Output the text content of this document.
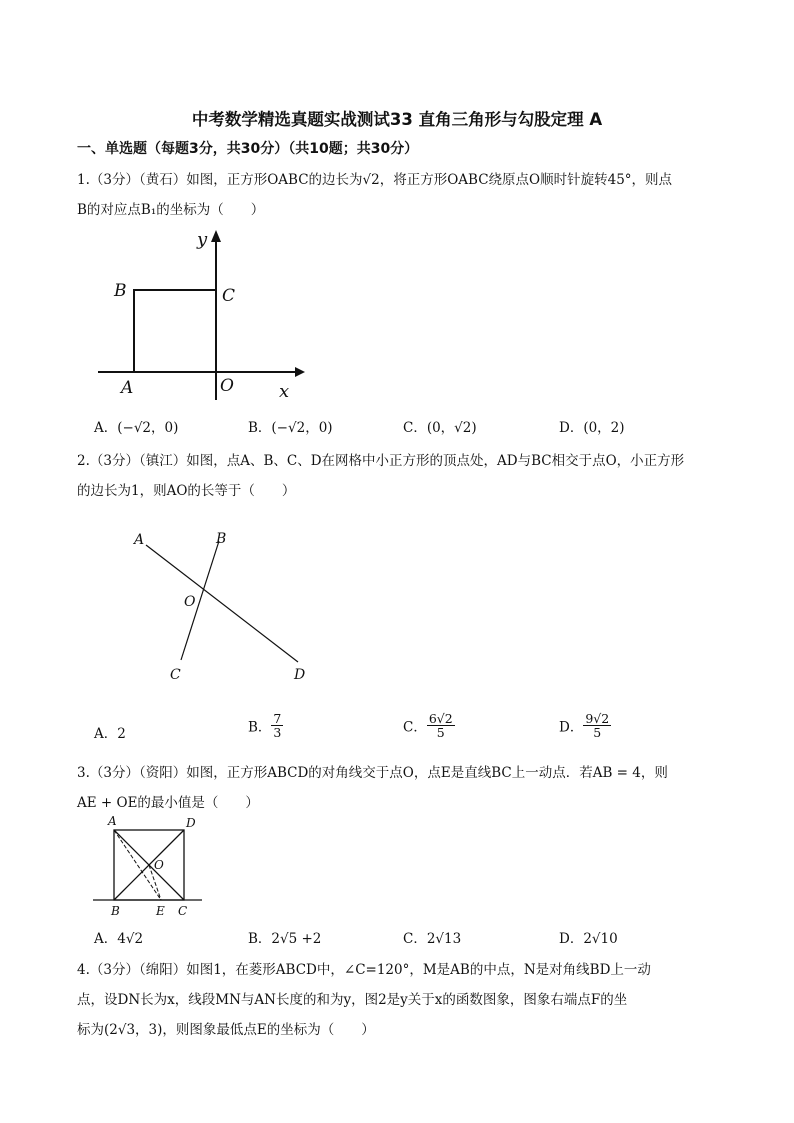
中考数学精选真题实战测试33 直角三角形与勾股定理 A
一、单选题（每题3分，共30分）（共10题；共30分）
1.（3分）（黄石）如图，正方形OABC的边长为√2，将正方形OABC绕原点O顺时针旋转45°，则点
B的对应点B₁的坐标为（　　）
y
x
B	C
A	O
A．(−√2，0)	B．(−√2，0)	C．(0，√2)	D．(0，2)
2.（3分）（镇江）如图，点A、B、C、D在网格中小正方形的顶点处，AD与BC相交于点O，小正方形
的边长为1，则AO的长等于（　　）
A	B
O
C	D
A．2	B． $\frac{7}{3}$	C． $\frac{6√2}{5}$	D． $\frac{9√2}{5}$
3.（3分）（资阳）如图，正方形ABCD的对角线交于点O，点E是直线BC上一动点．若AB = 4，则
AE + OE的最小值是（　　）
A	D
O
B	E C
A．4√2	B．2√5 +2	C．2√13	D．2√10
4.（3分）（绵阳）如图1，在菱形ABCD中，∠C=120°，M是AB的中点，N是对角线BD上一动
点，设DN长为x，线段MN与AN长度的和为y，图2是y关于x的函数图象，图象右端点F的坐
标为(2√3，3)，则图象最低点E的坐标为（　　）
